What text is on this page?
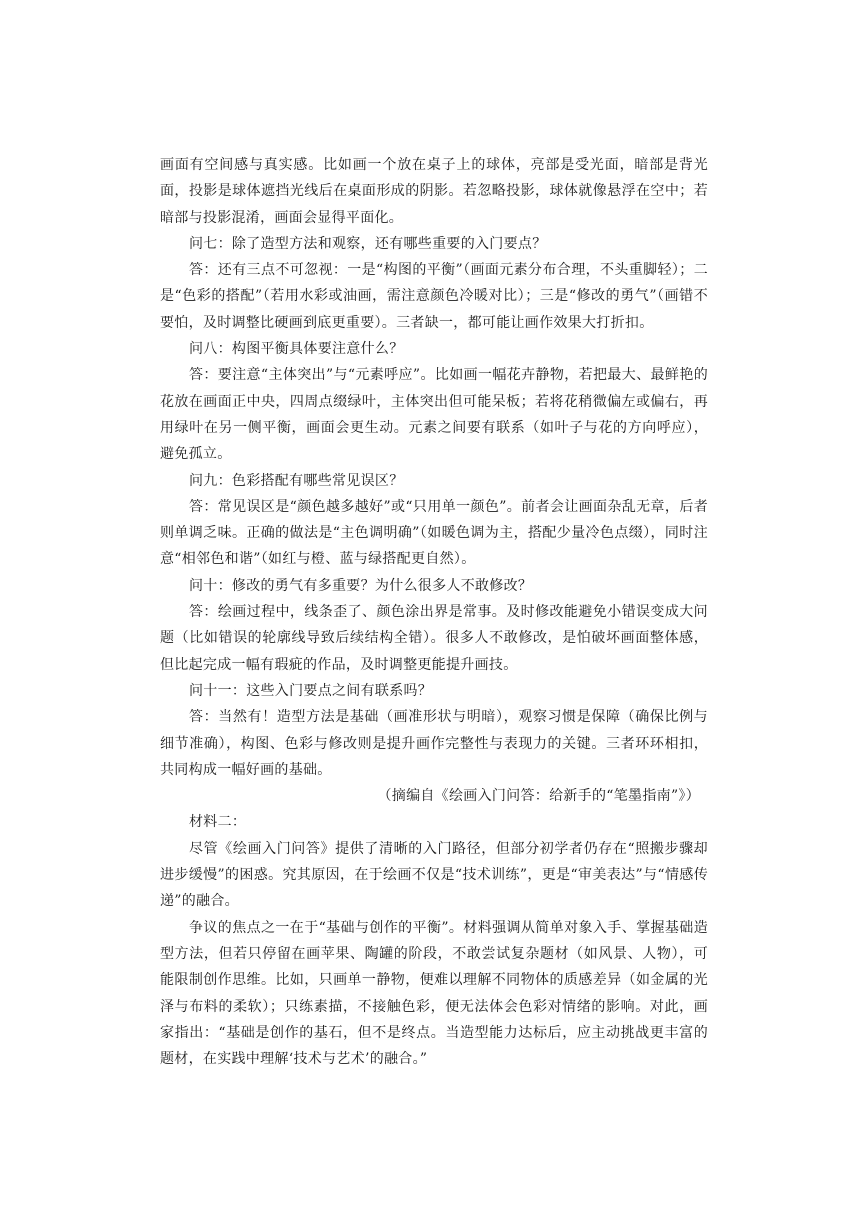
画面有空间感与真实感。比如画一个放在桌子上的球体，亮部是受光面，暗部是背光面，投影是球体遮挡光线后在桌面形成的阴影。若忽略投影，球体就像悬浮在空中；若暗部与投影混淆，画面会显得平面化。

问七：除了造型方法和观察，还有哪些重要的入门要点？

答：还有三点不可忽视：一是“构图的平衡”（画面元素分布合理，不头重脚轻）；二是“色彩的搭配”（若用水彩或油画，需注意颜色冷暖对比）；三是“修改的勇气”（画错不要怕，及时调整比硬画到底更重要）。三者缺一，都可能让画作效果大打折扣。

问八：构图平衡具体要注意什么？

答：要注意“主体突出”与“元素呼应”。比如画一幅花卉静物，若把最大、最鲜艳的花放在画面正中央，四周点缀绿叶，主体突出但可能呆板；若将花稍微偏左或偏右，再用绿叶在另一侧平衡，画面会更生动。元素之间要有联系（如叶子与花的方向呼应），避免孤立。

问九：色彩搭配有哪些常见误区？

答：常见误区是“颜色越多越好”或“只用单一颜色”。前者会让画面杂乱无章，后者则单调乏味。正确的做法是“主色调明确”（如暖色调为主，搭配少量冷色点缀），同时注意“相邻色和谐”（如红与橙、蓝与绿搭配更自然）。

问十：修改的勇气有多重要？为什么很多人不敢修改？

答：绘画过程中，线条歪了、颜色涂出界是常事。及时修改能避免小错误变成大问题（比如错误的轮廓线导致后续结构全错）。很多人不敢修改，是怕破坏画面整体感，但比起完成一幅有瑕疵的作品，及时调整更能提升画技。

问十一：这些入门要点之间有联系吗？

答：当然有！造型方法是基础（画准形状与明暗），观察习惯是保障（确保比例与细节准确），构图、色彩与修改则是提升画作完整性与表现力的关键。三者环环相扣，共同构成一幅好画的基础。

（摘编自《绘画入门问答：给新手的“笔墨指南”》）

材料二：

尽管《绘画入门问答》提供了清晰的入门路径，但部分初学者仍存在“照搬步骤却进步缓慢”的困惑。究其原因，在于绘画不仅是“技术训练”，更是“审美表达”与“情感传递”的融合。

争议的焦点之一在于“基础与创作的平衡”。材料强调从简单对象入手、掌握基础造型方法，但若只停留在画苹果、陶罐的阶段，不敢尝试复杂题材（如风景、人物），可能限制创作思维。比如，只画单一静物，便难以理解不同物体的质感差异（如金属的光泽与布料的柔软）；只练素描，不接触色彩，便无法体会色彩对情绪的影响。对此，画家指出：“基础是创作的基石，但不是终点。当造型能力达标后，应主动挑战更丰富的题材，在实践中理解‘技术与艺术’的融合。”
